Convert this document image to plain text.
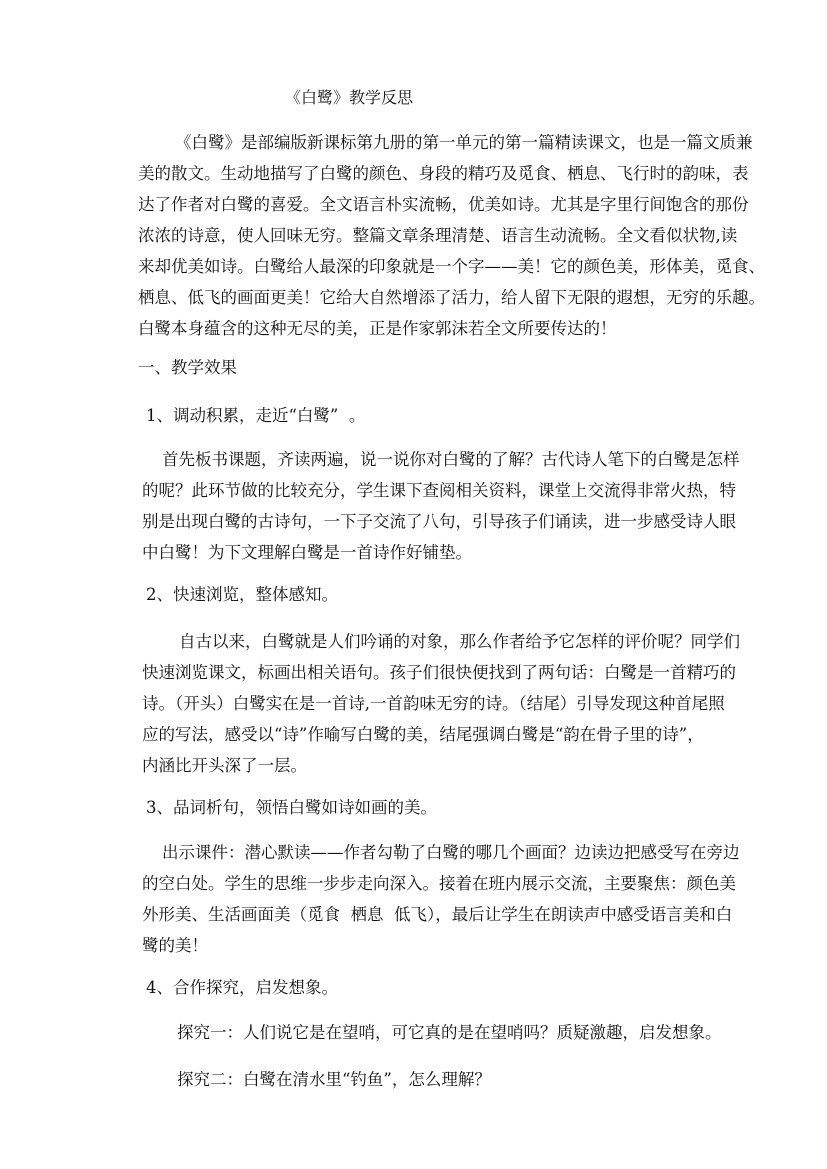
《白鹭》教学反思
《白鹭》是部编版新课标第九册的第一单元的第一篇精读课文，也是一篇文质兼
美的散文。生动地描写了白鹭的颜色、身段的精巧及觅食、栖息、飞行时的韵味，表
达了作者对白鹭的喜爱。全文语言朴实流畅，优美如诗。尤其是字里行间饱含的那份
浓浓的诗意，使人回味无穷。整篇文章条理清楚、语言生动流畅。全文看似状物,读
来却优美如诗。白鹭给人最深的印象就是一个字——美！它的颜色美，形体美，觅食、
栖息、低飞的画面更美！它给大自然增添了活力，给人留下无限的遐想，无穷的乐趣。
白鹭本身蕴含的这种无尽的美，正是作家郭沫若全文所要传达的！
一、教学效果
1、调动积累，走近“白鹭”  。
首先板书课题，齐读两遍，说一说你对白鹭的了解？古代诗人笔下的白鹭是怎样
的呢？此环节做的比较充分，学生课下查阅相关资料，课堂上交流得非常火热，特
别是出现白鹭的古诗句，一下子交流了八句，引导孩子们诵读，进一步感受诗人眼
中白鹭！为下文理解白鹭是一首诗作好铺垫。
2、快速浏览，整体感知。
自古以来，白鹭就是人们吟诵的对象，那么作者给予它怎样的评价呢？同学们
快速浏览课文，标画出相关语句。孩子们很快便找到了两句话：白鹭是一首精巧的
诗。（开头）白鹭实在是一首诗,一首韵味无穷的诗。（结尾）引导发现这种首尾照
应的写法，感受以“诗”作喻写白鹭的美，结尾强调白鹭是“韵在骨子里的诗”，
内涵比开头深了一层。
3、品词析句，领悟白鹭如诗如画的美。
出示课件：潜心默读——作者勾勒了白鹭的哪几个画面？边读边把感受写在旁边
的空白处。学生的思维一步步走向深入。接着在班内展示交流，主要聚焦：颜色美
外形美、生活画面美（觅食  栖息  低飞），最后让学生在朗读声中感受语言美和白
鹭的美！
4、合作探究，启发想象。
探究一：人们说它是在望哨，可它真的是在望哨吗？质疑激趣，启发想象。
探究二：白鹭在清水里“钓鱼”，怎么理解？
